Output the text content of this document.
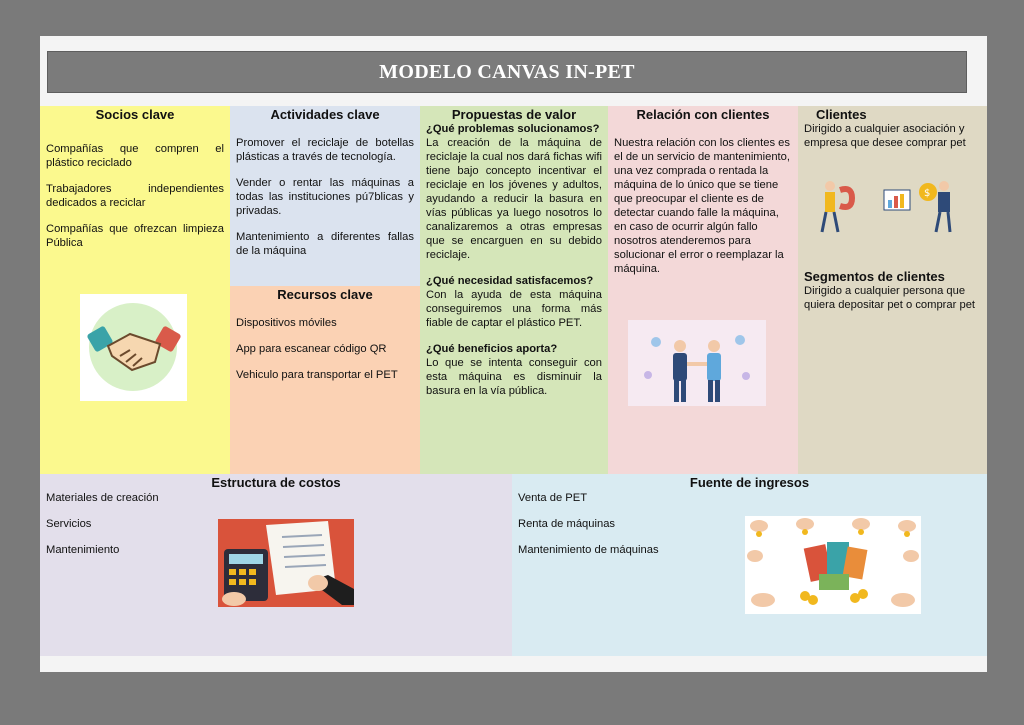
MODELO CANVAS IN-PET
Socios clave

Compañías que compren el plástico reciclado

Trabajadores independientes dedicados a reciclar

Compañías que ofrezcan limpieza Pública

Actividades clave

Promover el reciclaje de botellas plásticas a través de tecnología.

Vender o rentar las máquinas a todas las instituciones pú7blicas y privadas.

Mantenimiento a diferentes fallas de la máquina

Recursos clave

Dispositivos móviles

App para escanear código QR

Vehiculo para transportar el PET

Propuestas de valor
¿Qué problemas solucionamos?

La creación de la máquina de reciclaje la cual nos dará fichas wifi tiene bajo concepto incentivar el reciclaje en los jóvenes y adultos, ayudando a reducir la basura en vías públicas ya luego nosotros lo canalizaremos a otras empresas que se encarguen en su debido reciclaje.

¿Qué necesidad satisfacemos?

Con la ayuda de esta máquina conseguiremos una forma más fiable de captar el plástico PET.

¿Qué beneficios aporta?

Lo que se intenta conseguir con esta máquina es disminuir la basura en la vía pública.

Relación con clientes

Nuestra relación con los clientes es el de un servicio de mantenimiento, una vez comprada o rentada la máquina de lo único que se tiene que preocupar el cliente es de detectar cuando falle la máquina, en caso de ocurrir algún fallo nosotros atenderemos para solucionar el error o reemplazar la máquina.

Clientes

Dirigido a cualquier asociación y empresa que desee comprar pet

Segmentos de clientes

Dirigido a cualquier persona que quiera depositar pet o comprar pet

$
Estructura de costos

Materiales de creación

Servicios

Mantenimiento

Fuente de ingresos

Venta de PET

Renta de máquinas

Mantenimiento de máquinas
